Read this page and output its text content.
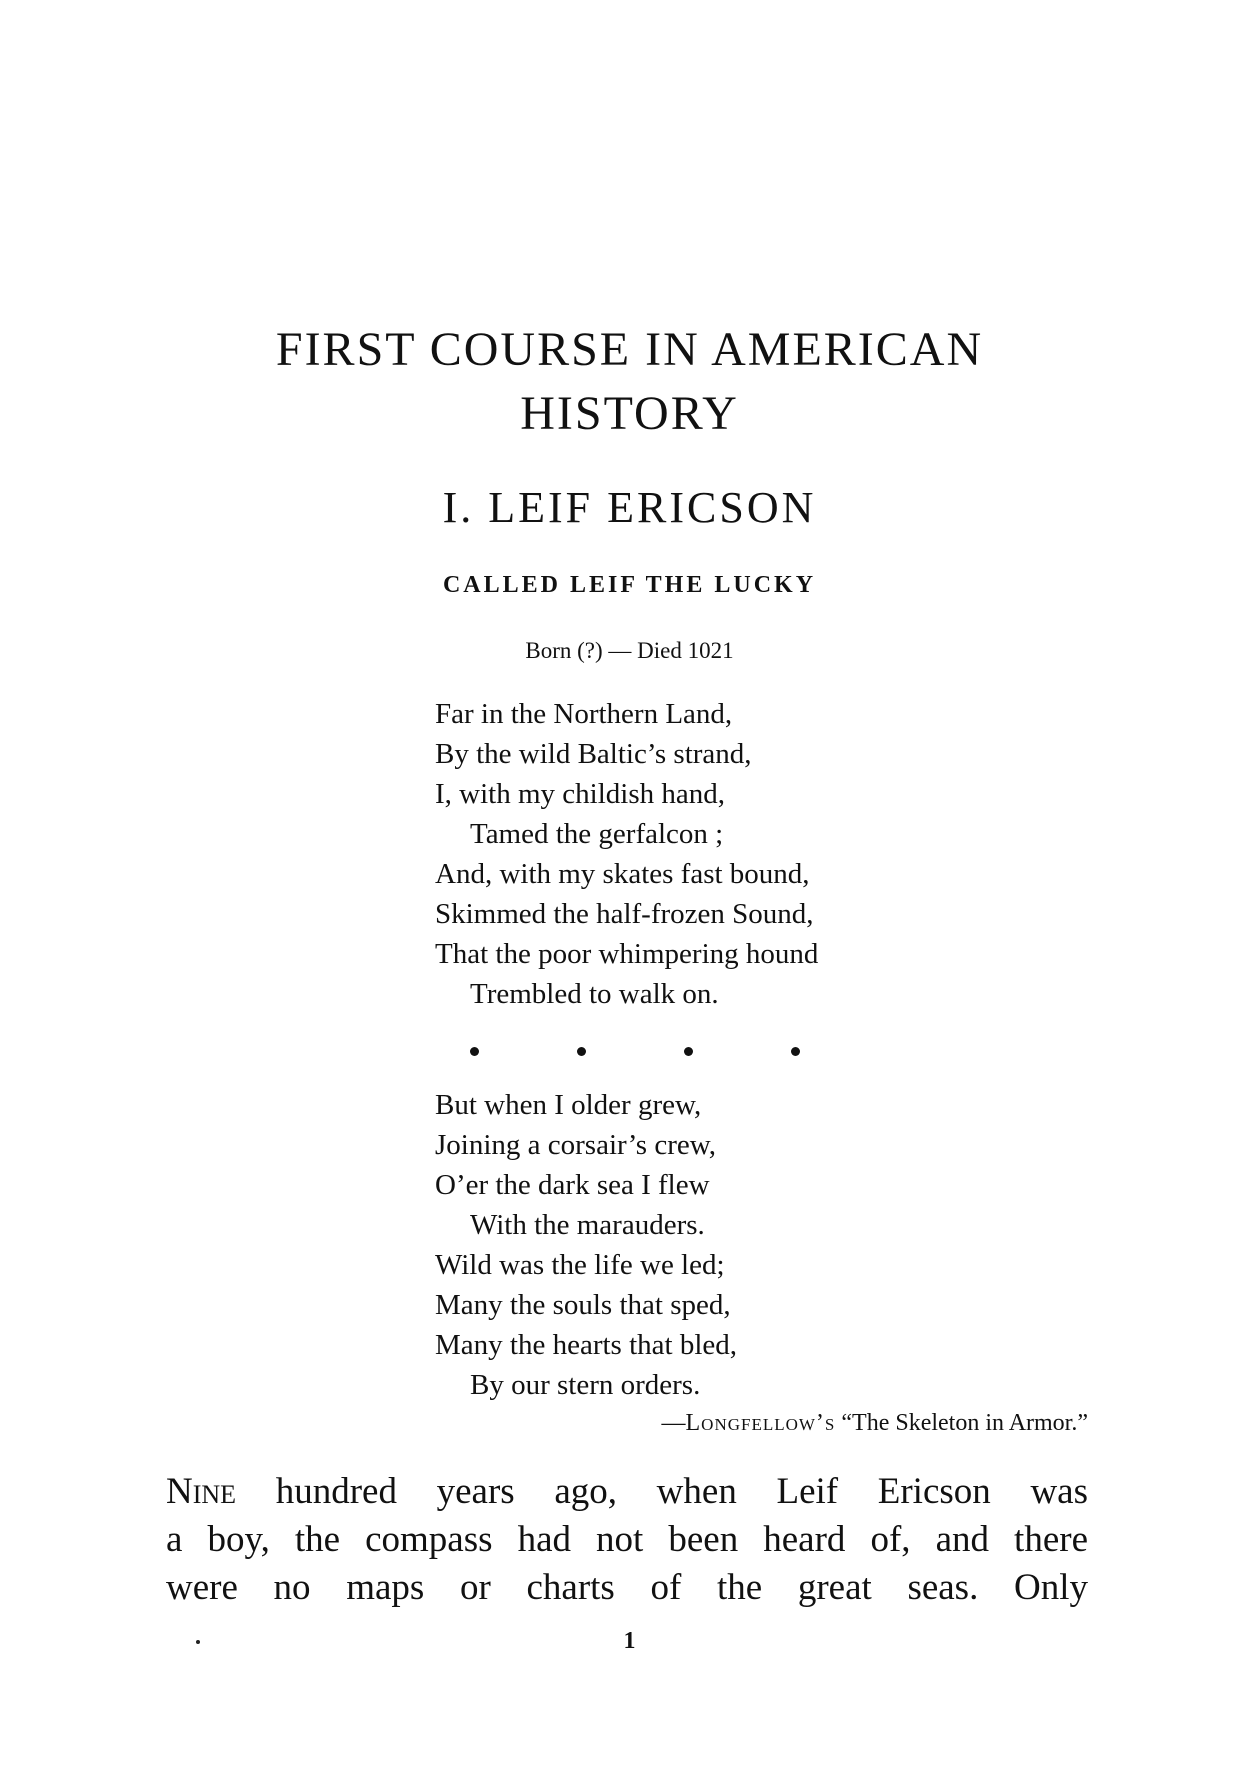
FIRST COURSE IN AMERICAN
HISTORY
I. LEIF ERICSON

CALLED LEIF THE LUCKY

Born (?) — Died 1021

Far in the Northern Land,
By the wild Baltic’s strand,
I, with my childish hand,
Tamed the gerfalcon ;
And, with my skates fast bound,
Skimmed the half-frozen Sound,
That the poor whimpering hound
Trembled to walk on.
But when I older grew,
Joining a corsair’s crew,
O’er the dark sea I flew
With the marauders.
Wild was the life we led;
Many the souls that sped,
Many the hearts that bled,
By our stern orders.

—Longfellow’s “The Skeleton in Armor.”

Nine hundred years ago, when Leif Ericson was
a boy, the compass had not been heard of, and there
were no maps or charts of the great seas. Only

1
